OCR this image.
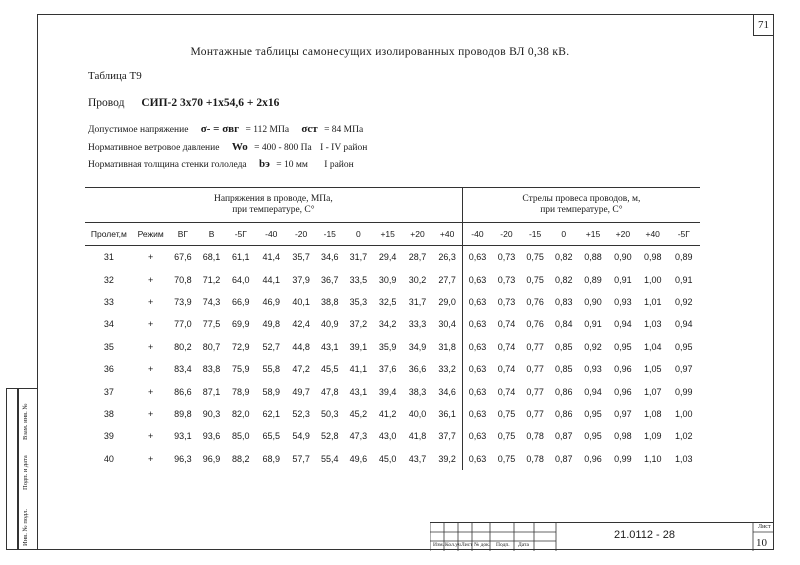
71
Монтажные таблицы самонесущих изолированных проводов ВЛ 0,38 кВ.
Таблица Т9
Провод СИП-2 3x70 +1x54,6 + 2x16
Допустимое напряжение σ- = σвг = 112 МПа σст = 84 МПа
Нормативное ветровое давление Wo = 400 - 800 Па I - IV район
Нормативная толщина стенки гололеда bэ = 10 мм I район
Напряжения в проводе, МПа,
при температуре, С°												Стрелы провеса проводов, м,
при температуре, С°							
Пролет,м	Режим	ВГ	В	-5Г	-40	-20	-15	0	+15	+20	+40	-40	-20	-15	0	+15	+20	+40	-5Г
31	+	67,6	68,1	61,1	41,4	35,7	34,6	31,7	29,4	28,7	26,3	0,63	0,73	0,75	0,82	0,88	0,90	0,98	0,89
32	+	70,8	71,2	64,0	44,1	37,9	36,7	33,5	30,9	30,2	27,7	0,63	0,73	0,75	0,82	0,89	0,91	1,00	0,91
33	+	73,9	74,3	66,9	46,9	40,1	38,8	35,3	32,5	31,7	29,0	0,63	0,73	0,76	0,83	0,90	0,93	1,01	0,92
34	+	77,0	77,5	69,9	49,8	42,4	40,9	37,2	34,2	33,3	30,4	0,63	0,74	0,76	0,84	0,91	0,94	1,03	0,94
35	+	80,2	80,7	72,9	52,7	44,8	43,1	39,1	35,9	34,9	31,8	0,63	0,74	0,77	0,85	0,92	0,95	1,04	0,95
36	+	83,4	83,8	75,9	55,8	47,2	45,5	41,1	37,6	36,6	33,2	0,63	0,74	0,77	0,85	0,93	0,96	1,05	0,97
37	+	86,6	87,1	78,9	58,9	49,7	47,8	43,1	39,4	38,3	34,6	0,63	0,74	0,77	0,86	0,94	0,96	1,07	0,99
38	+	89,8	90,3	82,0	62,1	52,3	50,3	45,2	41,2	40,0	36,1	0,63	0,75	0,77	0,86	0,95	0,97	1,08	1,00
39	+	93,1	93,6	85,0	65,5	54,9	52,8	47,3	43,0	41,8	37,7	0,63	0,75	0,78	0,87	0,95	0,98	1,09	1,02
40	+	96,3	96,9	88,2	68,9	57,7	55,4	49,6	45,0	43,7	39,2	0,63	0,75	0,78	0,87	0,96	0,99	1,10	1,03
Взам. инв. №
Подп. и дата
Инв. № подл.	Изм. Кол.уч Лист № док. Подп. Дата
21.0112 - 28
Лист
10
